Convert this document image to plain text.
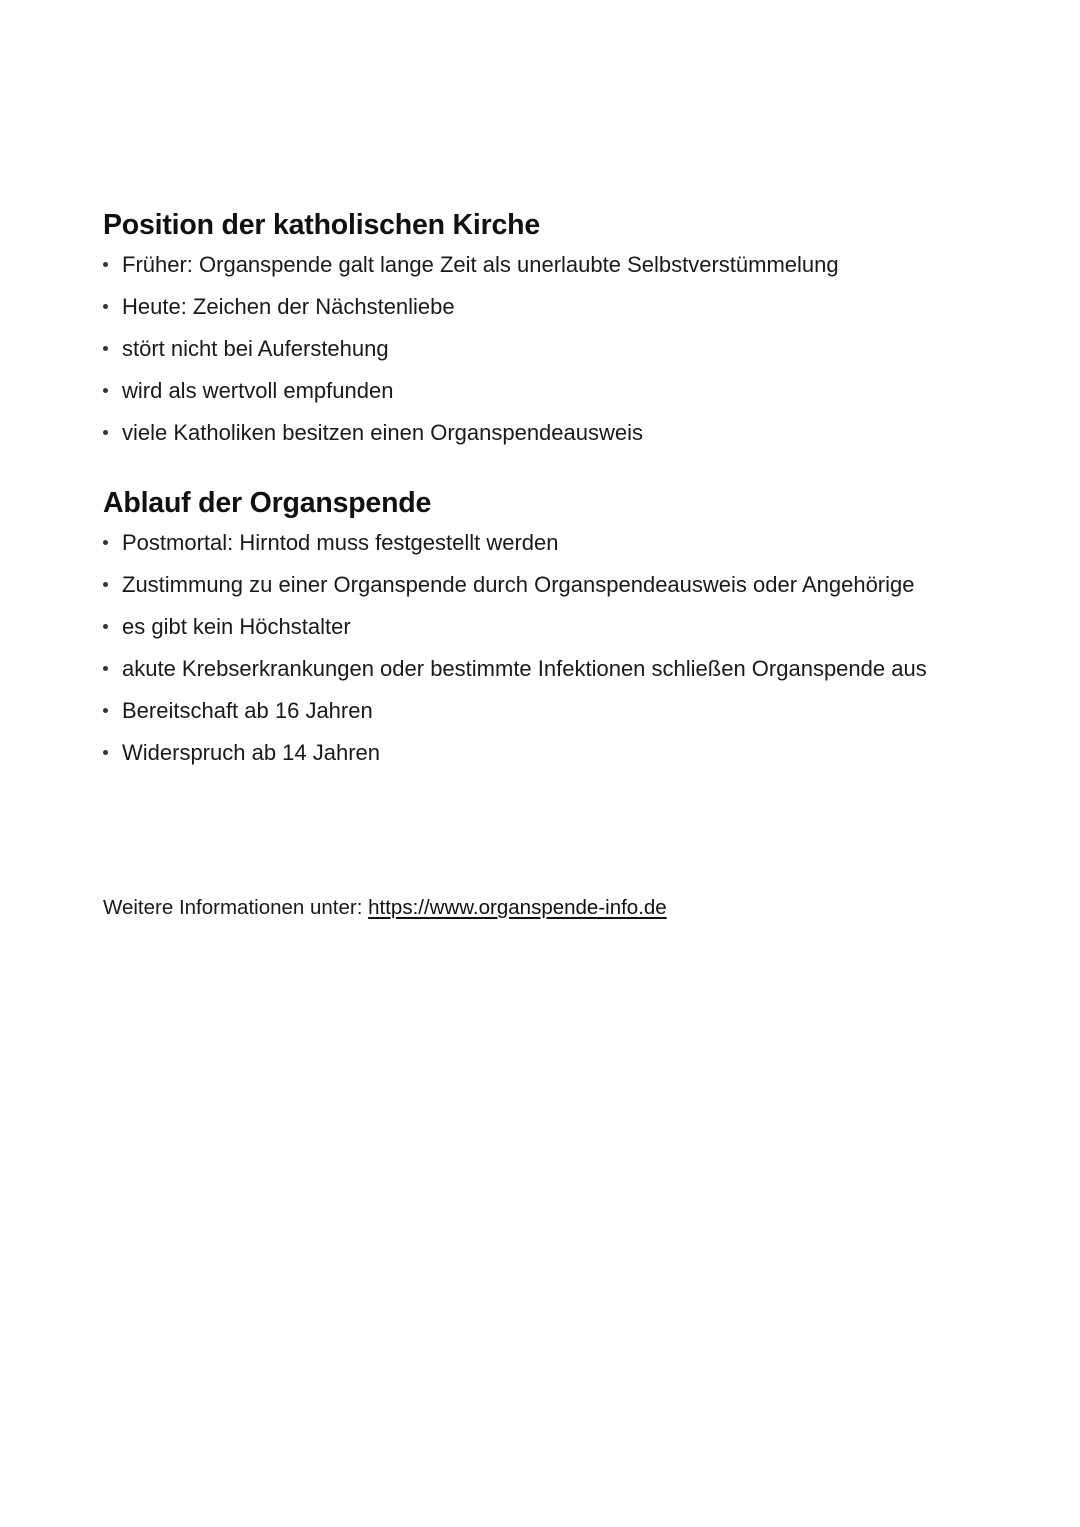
Position der katholischen Kirche
Früher: Organspende galt lange Zeit als unerlaubte Selbstverstümmelung
Heute: Zeichen der Nächstenliebe
stört nicht bei Auferstehung
wird als wertvoll empfunden
viele Katholiken besitzen einen Organspendeausweis
Ablauf der Organspende
Postmortal: Hirntod muss festgestellt werden
Zustimmung zu einer Organspende durch Organspendeausweis oder Angehörige
es gibt kein Höchstalter
akute Krebserkrankungen oder bestimmte Infektionen schließen Organspende aus
Bereitschaft ab 16 Jahren
Widerspruch ab 14 Jahren
Weitere Informationen unter: https://www.organspende-info.de
